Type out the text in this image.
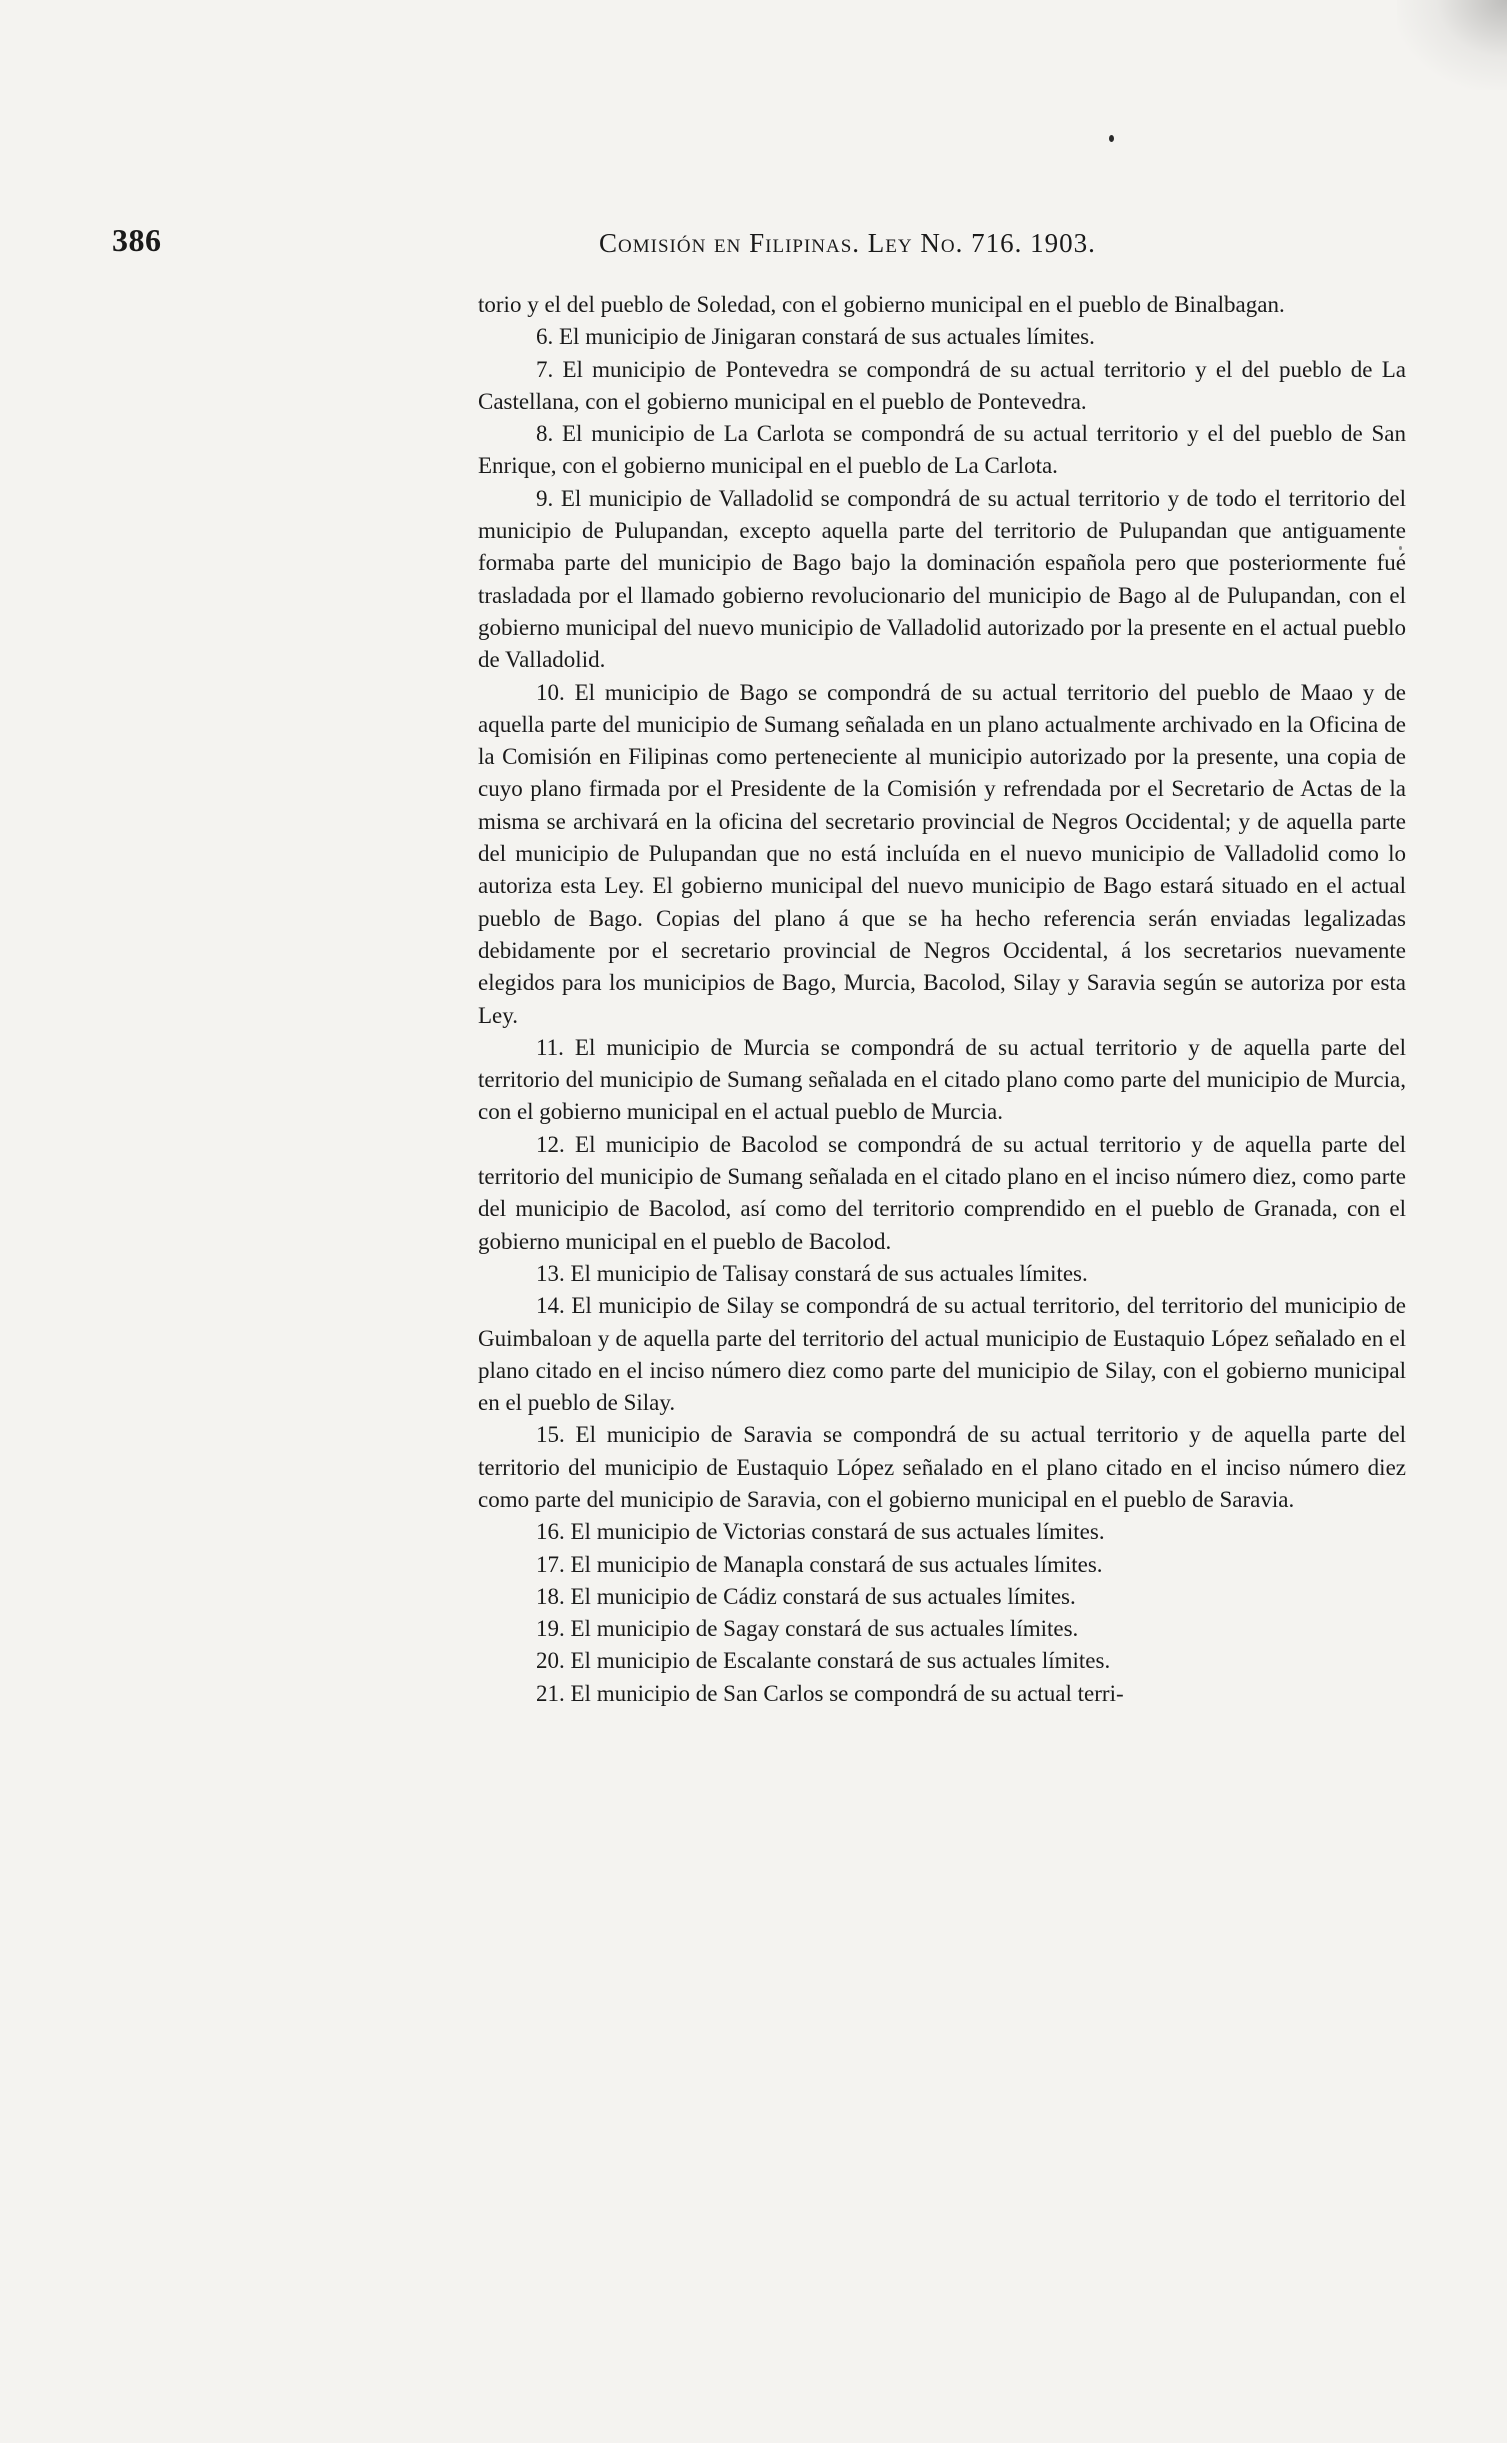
386	Comisión en Filipinas. Ley No. 716. 1903.

torio y el del pueblo de Soledad, con el gobierno municipal en el pueblo de Binalbagan.

6. El municipio de Jinigaran constará de sus actuales límites.

7. El municipio de Pontevedra se compondrá de su actual territorio y el del pueblo de La Castellana, con el gobierno municipal en el pueblo de Pontevedra.

8. El municipio de La Carlota se compondrá de su actual territorio y el del pueblo de San Enrique, con el gobierno municipal en el pueblo de La Carlota.

9. El municipio de Valladolid se compondrá de su actual territorio y de todo el territorio del municipio de Pulupandan, excepto aquella parte del territorio de Pulupandan que antiguamente formaba parte del municipio de Bago bajo la dominación española pero que posteriormente fué trasladada por el llamado gobierno revolucionario del municipio de Bago al de Pulupandan, con el gobierno municipal del nuevo municipio de Valladolid autorizado por la presente en el actual pueblo de Valladolid.

10. El municipio de Bago se compondrá de su actual territorio del pueblo de Maao y de aquella parte del municipio de Sumang señalada en un plano actualmente archivado en la Oficina de la Comisión en Filipinas como perteneciente al municipio autorizado por la presente, una copia de cuyo plano firmada por el Presidente de la Comisión y refrendada por el Secretario de Actas de la misma se archivará en la oficina del secretario provincial de Negros Occidental; y de aquella parte del municipio de Pulupandan que no está incluída en el nuevo municipio de Valladolid como lo autoriza esta Ley. El gobierno municipal del nuevo municipio de Bago estará situado en el actual pueblo de Bago. Copias del plano á que se ha hecho referencia serán enviadas legalizadas debidamente por el secretario provincial de Negros Occidental, á los secretarios nuevamente elegidos para los municipios de Bago, Murcia, Bacolod, Silay y Saravia según se autoriza por esta Ley.

11. El municipio de Murcia se compondrá de su actual territorio y de aquella parte del territorio del municipio de Sumang señalada en el citado plano como parte del municipio de Murcia, con el gobierno municipal en el actual pueblo de Murcia.

12. El municipio de Bacolod se compondrá de su actual territorio y de aquella parte del territorio del municipio de Sumang señalada en el citado plano en el inciso número diez, como parte del municipio de Bacolod, así como del territorio comprendido en el pueblo de Granada, con el gobierno municipal en el pueblo de Bacolod.

13. El municipio de Talisay constará de sus actuales límites.

14. El municipio de Silay se compondrá de su actual territorio, del territorio del municipio de Guimbaloan y de aquella parte del territorio del actual municipio de Eustaquio López señalado en el plano citado en el inciso número diez como parte del municipio de Silay, con el gobierno municipal en el pueblo de Silay.

15. El municipio de Saravia se compondrá de su actual territorio y de aquella parte del territorio del municipio de Eustaquio López señalado en el plano citado en el inciso número diez como parte del municipio de Saravia, con el gobierno municipal en el pueblo de Saravia.

16. El municipio de Victorias constará de sus actuales límites.

17. El municipio de Manapla constará de sus actuales límites.

18. El municipio de Cádiz constará de sus actuales límites.

19. El municipio de Sagay constará de sus actuales límites.

20. El municipio de Escalante constará de sus actuales límites.

21. El municipio de San Carlos se compondrá de su actual terri-
